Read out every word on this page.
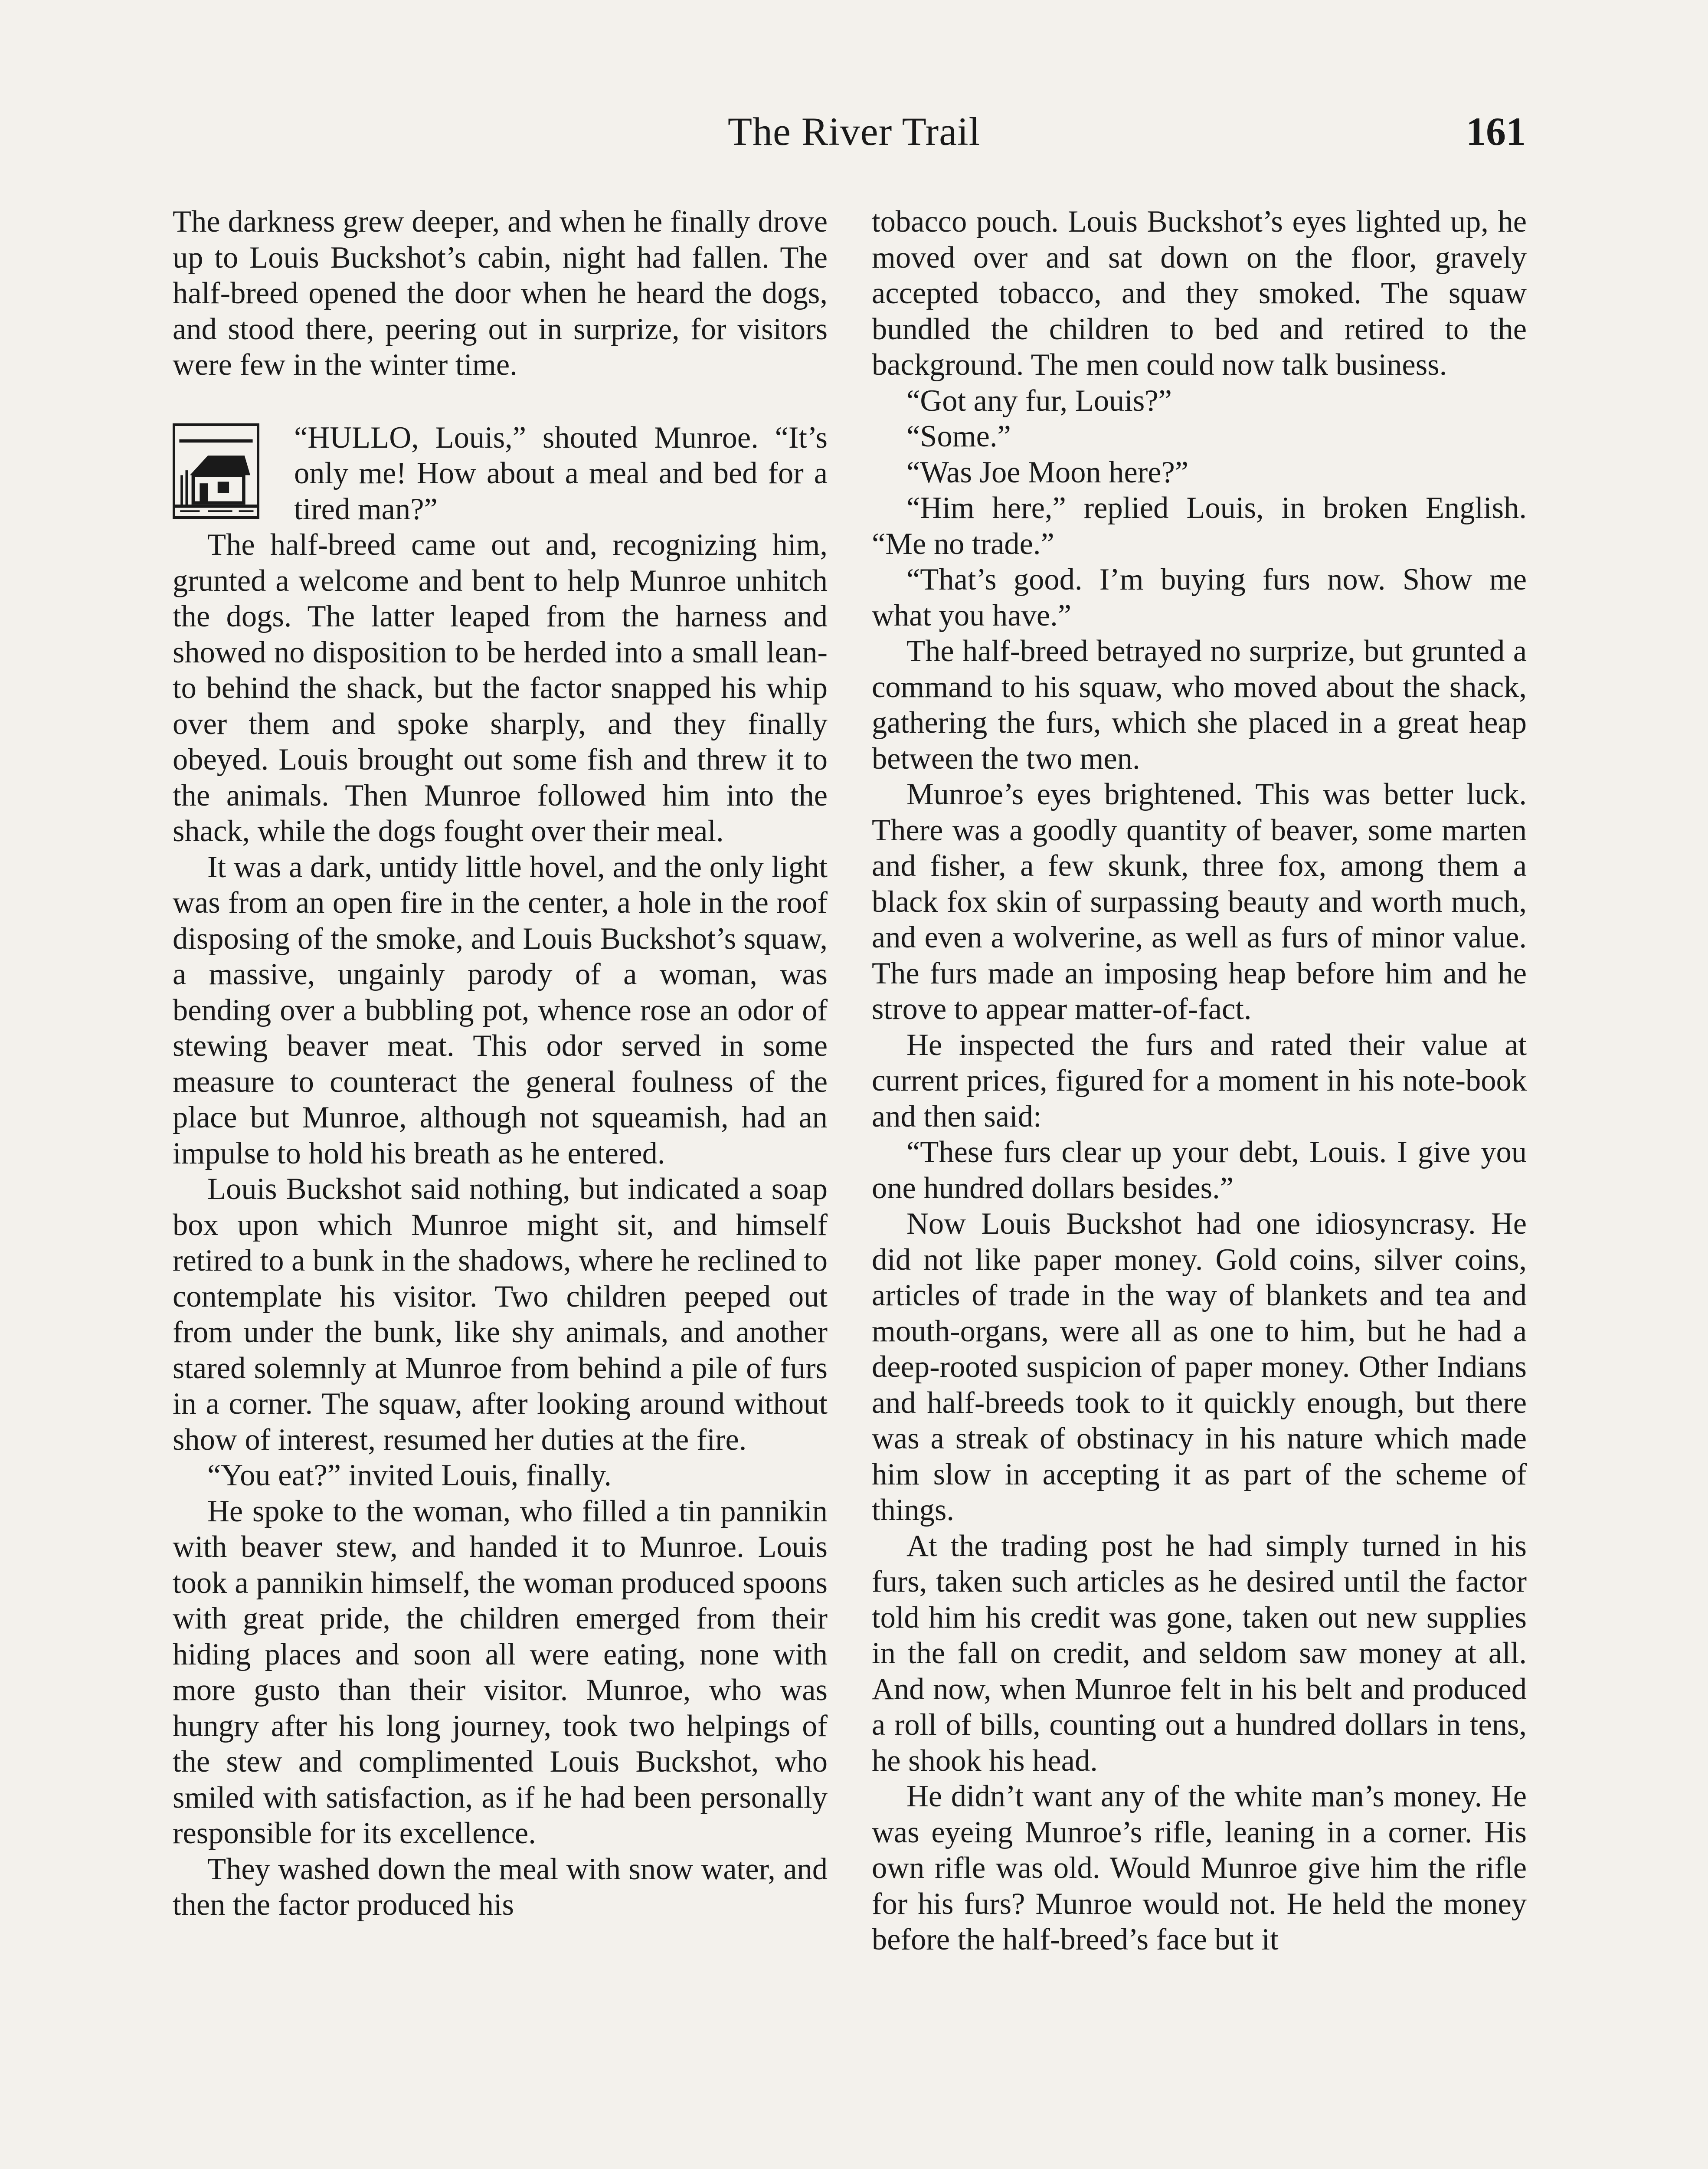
The River Trail	161

The darkness grew deeper, and when he finally drove up to Louis Buckshot’s cabin, night had fallen. The half-breed opened the door when he heard the dogs, and stood there, peering out in surprize, for visitors were few in the winter time.

“HULLO, Louis,” shouted Munroe. “It’s only me! How about a meal and bed for a tired man?”

The half-breed came out and, recognizing him, grunted a welcome and bent to help Munroe unhitch the dogs. The latter leaped from the harness and showed no disposition to be herded into a small lean-to behind the shack, but the factor snapped his whip over them and spoke sharply, and they finally obeyed. Louis brought out some fish and threw it to the animals. Then Munroe followed him into the shack, while the dogs fought over their meal.

It was a dark, untidy little hovel, and the only light was from an open fire in the center, a hole in the roof disposing of the smoke, and Louis Buckshot’s squaw, a massive, ungainly parody of a woman, was bending over a bubbling pot, whence rose an odor of stewing beaver meat. This odor served in some measure to counteract the general foulness of the place but Munroe, although not squeamish, had an impulse to hold his breath as he entered.

Louis Buckshot said nothing, but indicated a soap box upon which Munroe might sit, and himself retired to a bunk in the shadows, where he reclined to contemplate his visitor. Two children peeped out from under the bunk, like shy animals, and another stared solemnly at Munroe from behind a pile of furs in a corner. The squaw, after looking around without show of interest, resumed her duties at the fire.

“You eat?” invited Louis, finally.

He spoke to the woman, who filled a tin pannikin with beaver stew, and handed it to Munroe. Louis took a pannikin himself, the woman produced spoons with great pride, the children emerged from their hiding places and soon all were eating, none with more gusto than their visitor. Munroe, who was hungry after his long journey, took two helpings of the stew and complimented Louis Buckshot, who smiled with satisfaction, as if he had been personally responsible for its excellence.

They washed down the meal with snow water, and then the factor produced his

tobacco pouch. Louis Buckshot’s eyes lighted up, he moved over and sat down on the floor, gravely accepted tobacco, and they smoked. The squaw bundled the children to bed and retired to the background. The men could now talk business.

“Got any fur, Louis?”

“Some.”

“Was Joe Moon here?”

“Him here,” replied Louis, in broken English. “Me no trade.”

“That’s good. I’m buying furs now. Show me what you have.”

The half-breed betrayed no surprize, but grunted a command to his squaw, who moved about the shack, gathering the furs, which she placed in a great heap between the two men.

Munroe’s eyes brightened. This was better luck. There was a goodly quantity of beaver, some marten and fisher, a few skunk, three fox, among them a black fox skin of surpassing beauty and worth much, and even a wolverine, as well as furs of minor value. The furs made an imposing heap before him and he strove to appear matter-of-fact.

He inspected the furs and rated their value at current prices, figured for a moment in his note-book and then said:

“These furs clear up your debt, Louis. I give you one hundred dollars besides.”

Now Louis Buckshot had one idiosyncrasy. He did not like paper money. Gold coins, silver coins, articles of trade in the way of blankets and tea and mouth-organs, were all as one to him, but he had a deep-rooted suspicion of paper money. Other Indians and half-breeds took to it quickly enough, but there was a streak of obstinacy in his nature which made him slow in accepting it as part of the scheme of things.

At the trading post he had simply turned in his furs, taken such articles as he desired until the factor told him his credit was gone, taken out new supplies in the fall on credit, and seldom saw money at all. And now, when Munroe felt in his belt and produced a roll of bills, counting out a hundred dollars in tens, he shook his head.

He didn’t want any of the white man’s money. He was eyeing Munroe’s rifle, leaning in a corner. His own rifle was old. Would Munroe give him the rifle for his furs? Munroe would not. He held the money before the half-breed’s face but it
